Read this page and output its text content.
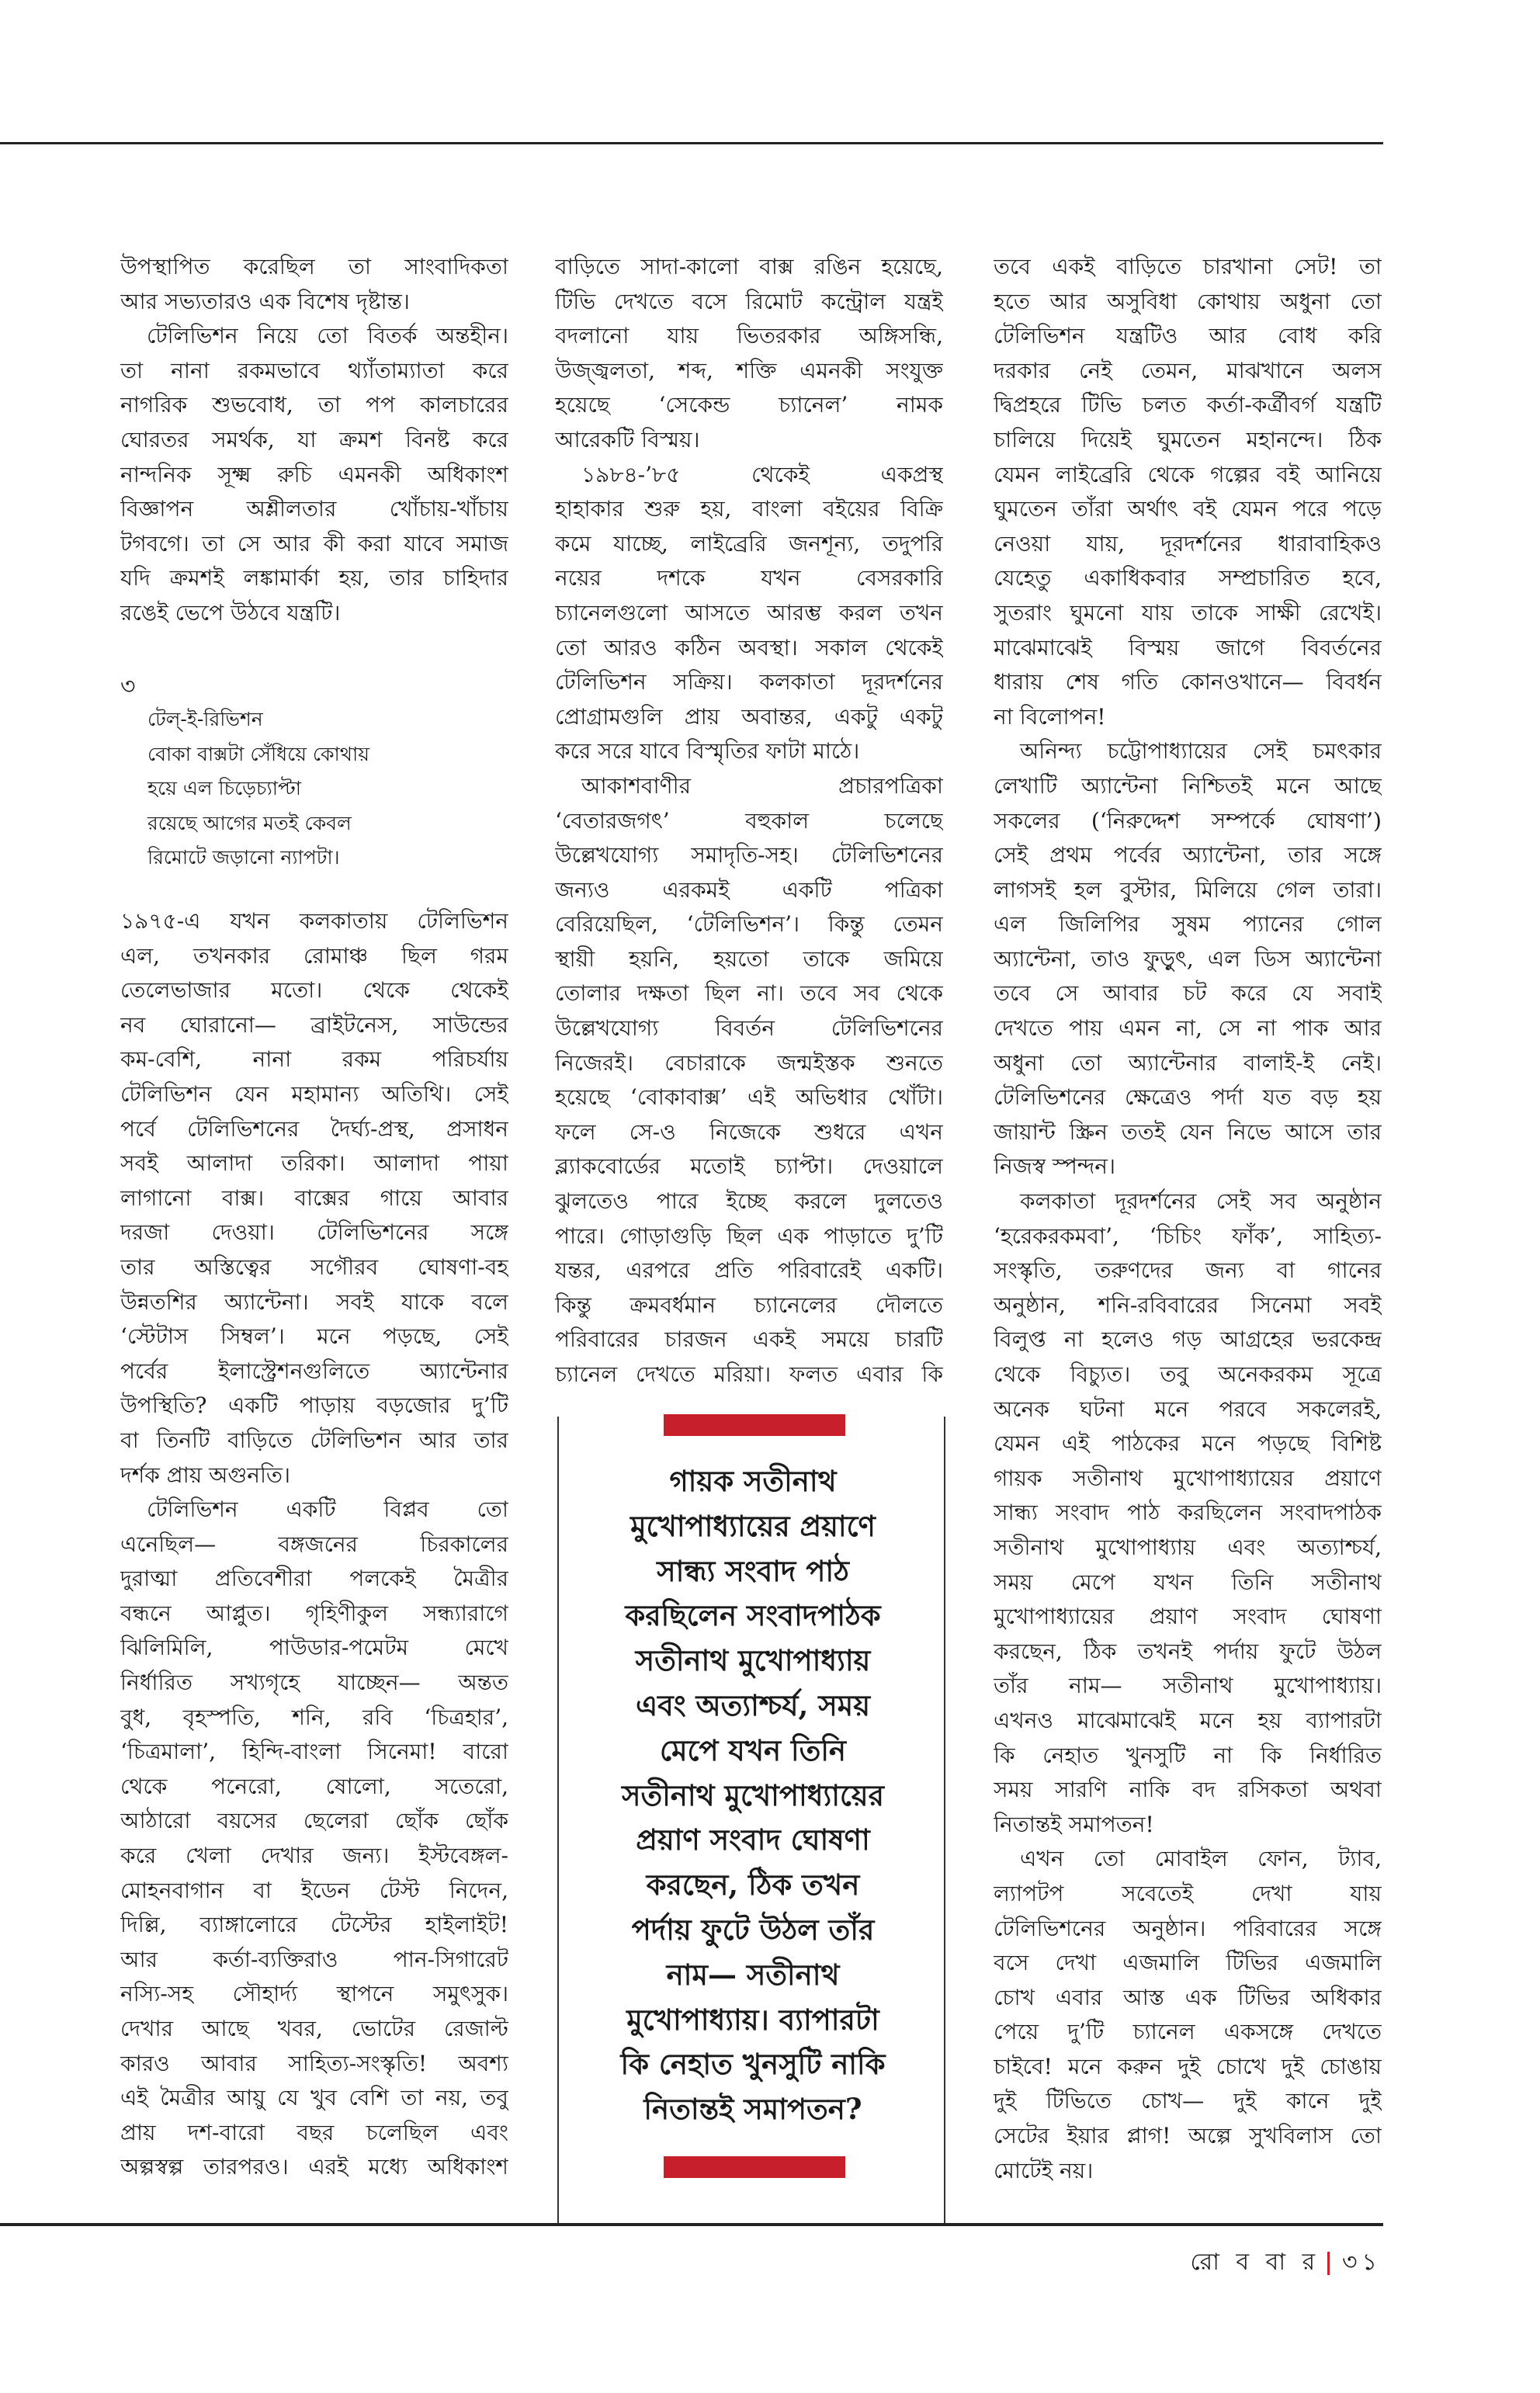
উপস্থাপিত করেছিল তা সাংবাদিকতা
আর সভ্যতারও এক বিশেষ দৃষ্টান্ত।
টেলিভিশন নিয়ে তো বিতর্ক অন্তহীন।
তা নানা রকমভাবে থ্যাঁতাম্যাতা করে
নাগরিক শুভবোধ, তা পপ কালচারের
ঘোরতর সমর্থক, যা ক্রমশ বিনষ্ট করে
নান্দনিক সূক্ষ্ম রুচি এমনকী অধিকাংশ
বিজ্ঞাপন অশ্লীলতার খোঁচায়-খাঁচায়
টগবগে। তা সে আর কী করা যাবে সমাজ
যদি ক্রমশই লঙ্কামার্কা হয়, তার চাহিদার
রঙেই ভেপে উঠবে যন্ত্রটি।
৩
টেল্-ই-রিভিশন
বোকা বাক্সটা সেঁধিয়ে কোথায়
হয়ে এল চিড়েচ্যাপ্টা
রয়েছে আগের মতই কেবল
রিমোটে জড়ানো ন্যাপটা।
১৯৭৫-এ যখন কলকাতায় টেলিভিশন
এল, তখনকার রোমাঞ্চ ছিল গরম
তেলেভাজার মতো। থেকে থেকেই
নব ঘোরানো— ব্রাইটনেস, সাউন্ডের
কম-বেশি, নানা রকম পরিচর্যায়
টেলিভিশন যেন মহামান্য অতিথি। সেই
পর্বে টেলিভিশনের দৈর্ঘ্য-প্রস্থ, প্রসাধন
সবই আলাদা তরিকা। আলাদা পায়া
লাগানো বাক্স। বাক্সের গায়ে আবার
দরজা দেওয়া। টেলিভিশনের সঙ্গে
তার অস্তিত্বের সগৌরব ঘোষণা-বহ
উন্নতশির অ্যান্টেনা। সবই যাকে বলে
‘স্টেটাস সিম্বল’। মনে পড়ছে, সেই
পর্বের ইলাস্ট্রেশনগুলিতে অ্যান্টেনার
উপস্থিতি? একটি পাড়ায় বড়জোর দু’টি
বা তিনটি বাড়িতে টেলিভিশন আর তার
দর্শক প্রায় অগুনতি।
টেলিভিশন একটি বিপ্লব তো
এনেছিল— বঙ্গজনের চিরকালের
দুরাত্মা প্রতিবেশীরা পলকেই মৈত্রীর
বন্ধনে আপ্লুত। গৃহিণীকুল সন্ধ্যারাগে
ঝিলিমিলি, পাউডার-পমেটম মেখে
নির্ধারিত সখ্যগৃহে যাচ্ছেন— অন্তত
বুধ, বৃহস্পতি, শনি, রবি ‘চিত্রহার’,
‘চিত্রমালা’, হিন্দি-বাংলা সিনেমা! বারো
থেকে পনেরো, ষোলো, সতেরো,
আঠারো বয়সের ছেলেরা ছোঁক ছোঁক
করে খেলা দেখার জন্য। ইস্টবেঙ্গল-
মোহনবাগান বা ইডেন টেস্ট নিদেন,
দিল্লি, ব্যাঙ্গালোরে টেস্টের হাইলাইট!
আর কর্তা-ব্যক্তিরাও পান-সিগারেট
নস্যি-সহ সৌহার্দ্য স্থাপনে সমুৎসুক।
দেখার আছে খবর, ভোটের রেজাল্ট
কারও আবার সাহিত্য-সংস্কৃতি! অবশ্য
এই মৈত্রীর আয়ু যে খুব বেশি তা নয়, তবু
প্রায় দশ-বারো বছর চলেছিল এবং
অল্পস্বল্প তারপরও। এরই মধ্যে অধিকাংশ
বাড়িতে সাদা-কালো বাক্স রঙিন হয়েছে,
টিভি দেখতে বসে রিমোট কন্ট্রোল যন্ত্রই
বদলানো যায় ভিতরকার অঙ্গিসন্ধি,
উজ্জ্বলতা, শব্দ, শক্তি এমনকী সংযুক্ত
হয়েছে ‘সেকেন্ড চ্যানেল’ নামক
আরেকটি বিস্ময়।
১৯৮৪-’৮৫ থেকেই একপ্রস্থ
হাহাকার শুরু হয়, বাংলা বইয়ের বিক্রি
কমে যাচ্ছে, লাইব্রেরি জনশূন্য, তদুপরি
নয়ের দশকে যখন বেসরকারি
চ্যানেলগুলো আসতে আরম্ভ করল তখন
তো আরও কঠিন অবস্থা। সকাল থেকেই
টেলিভিশন সক্রিয়। কলকাতা দূরদর্শনের
প্রোগ্রামগুলি প্রায় অবান্তর, একটু একটু
করে সরে যাবে বিস্মৃতির ফাটা মাঠে।
আকাশবাণীর প্রচারপত্রিকা
‘বেতারজগৎ’ বহুকাল চলেছে
উল্লেখযোগ্য সমাদৃতি-সহ। টেলিভিশনের
জন্যও এরকমই একটি পত্রিকা
বেরিয়েছিল, ‘টেলিভিশন’। কিন্তু তেমন
স্থায়ী হয়নি, হয়তো তাকে জমিয়ে
তোলার দক্ষতা ছিল না। তবে সব থেকে
উল্লেখযোগ্য বিবর্তন টেলিভিশনের
নিজেরই। বেচারাকে জন্মইস্তক শুনতে
হয়েছে ‘বোকাবাক্স’ এই অভিধার খোঁটা।
ফলে সে-ও নিজেকে শুধরে এখন
ব্ল্যাকবোর্ডের মতোই চ্যাপ্টা। দেওয়ালে
ঝুলতেও পারে ইচ্ছে করলে দুলতেও
পারে। গোড়াগুড়ি ছিল এক পাড়াতে দু’টি
যন্তর, এরপরে প্রতি পরিবারেই একটি।
কিন্তু ক্রমবর্ধমান চ্যানেলের দৌলতে
পরিবারের চারজন একই সময়ে চারটি
চ্যানেল দেখতে মরিয়া। ফলত এবার কি
গায়ক সতীনাথ
মুখোপাধ্যায়ের প্রয়াণে
সান্ধ্য সংবাদ পাঠ
করছিলেন সংবাদপাঠক
সতীনাথ মুখোপাধ্যায়
এবং অত্যাশ্চর্য, সময়
মেপে যখন তিনি
সতীনাথ মুখোপাধ্যায়ের
প্রয়াণ সংবাদ ঘোষণা
করছেন, ঠিক তখন
পর্দায় ফুটে উঠল তাঁর
নাম— সতীনাথ
মুখোপাধ্যায়। ব্যাপারটা
কি নেহাত খুনসুটি নাকি
নিতান্তই সমাপতন?
তবে একই বাড়িতে চারখানা সেট! তা
হতে আর অসুবিধা কোথায় অধুনা তো
টেলিভিশন যন্ত্রটিও আর বোধ করি
দরকার নেই তেমন, মাঝখানে অলস
দ্বিপ্রহরে টিভি চলত কর্তা-কর্ত্রীবর্গ যন্ত্রটি
চালিয়ে দিয়েই ঘুমতেন মহানন্দে। ঠিক
যেমন লাইব্রেরি থেকে গল্পের বই আনিয়ে
ঘুমতেন তাঁরা অর্থাৎ বই যেমন পরে পড়ে
নেওয়া যায়, দূরদর্শনের ধারাবাহিকও
যেহেতু একাধিকবার সম্প্রচারিত হবে,
সুতরাং ঘুমনো যায় তাকে সাক্ষী রেখেই।
মাঝেমাঝেই বিস্ময় জাগে বিবর্তনের
ধারায় শেষ গতি কোনওখানে— বিবর্ধন
না বিলোপন!
অনিন্দ্য চট্টোপাধ্যায়ের সেই চমৎকার
লেখাটি অ্যান্টেনা নিশ্চিতই মনে আছে
সকলের (‘নিরুদ্দেশ সম্পর্কে ঘোষণা’)
সেই প্রথম পর্বের অ্যান্টেনা, তার সঙ্গে
লাগসই হল বুস্টার, মিলিয়ে গেল তারা।
এল জিলিপির সুষম প্যানের গোল
অ্যান্টেনা, তাও ফুড়ুৎ, এল ডিস অ্যান্টেনা
তবে সে আবার চট করে যে সবাই
দেখতে পায় এমন না, সে না পাক আর
অধুনা তো অ্যান্টেনার বালাই-ই নেই।
টেলিভিশনের ক্ষেত্রেও পর্দা যত বড় হয়
জায়ান্ট স্ক্রিন ততই যেন নিভে আসে তার
নিজস্ব স্পন্দন।
কলকাতা দূরদর্শনের সেই সব অনুষ্ঠান
‘হরেকরকমবা’, ‘চিচিং ফাঁক’, সাহিত্য-
সংস্কৃতি, তরুণদের জন্য বা গানের
অনুষ্ঠান, শনি-রবিবারের সিনেমা সবই
বিলুপ্ত না হলেও গড় আগ্রহের ভরকেন্দ্র
থেকে বিচ্যুত। তবু অনেকরকম সূত্রে
অনেক ঘটনা মনে পরবে সকলেরই,
যেমন এই পাঠকের মনে পড়ছে বিশিষ্ট
গায়ক সতীনাথ মুখোপাধ্যায়ের প্রয়াণে
সান্ধ্য সংবাদ পাঠ করছিলেন সংবাদপাঠক
সতীনাথ মুখোপাধ্যায় এবং অত্যাশ্চর্য,
সময় মেপে যখন তিনি সতীনাথ
মুখোপাধ্যায়ের প্রয়াণ সংবাদ ঘোষণা
করছেন, ঠিক তখনই পর্দায় ফুটে উঠল
তাঁর নাম— সতীনাথ মুখোপাধ্যায়।
এখনও মাঝেমাঝেই মনে হয় ব্যাপারটা
কি নেহাত খুনসুটি না কি নির্ধারিত
সময় সারণি নাকি বদ রসিকতা অথবা
নিতান্তই সমাপতন!
এখন তো মোবাইল ফোন, ট্যাব,
ল্যাপটপ সবেতেই দেখা যায়
টেলিভিশনের অনুষ্ঠান। পরিবারের সঙ্গে
বসে দেখা এজমালি টিভির এজমালি
চোখ এবার আস্ত এক টিভির অধিকার
পেয়ে দু’টি চ্যানেল একসঙ্গে দেখতে
চাইবে! মনে করুন দুই চোখে দুই চোঙায়
দুই টিভিতে চোখ— দুই কানে দুই
সেটের ইয়ার প্লাগ! অল্পে সুখবিলাস তো
মোটেই নয়।
রো ব বা র | ৩১
